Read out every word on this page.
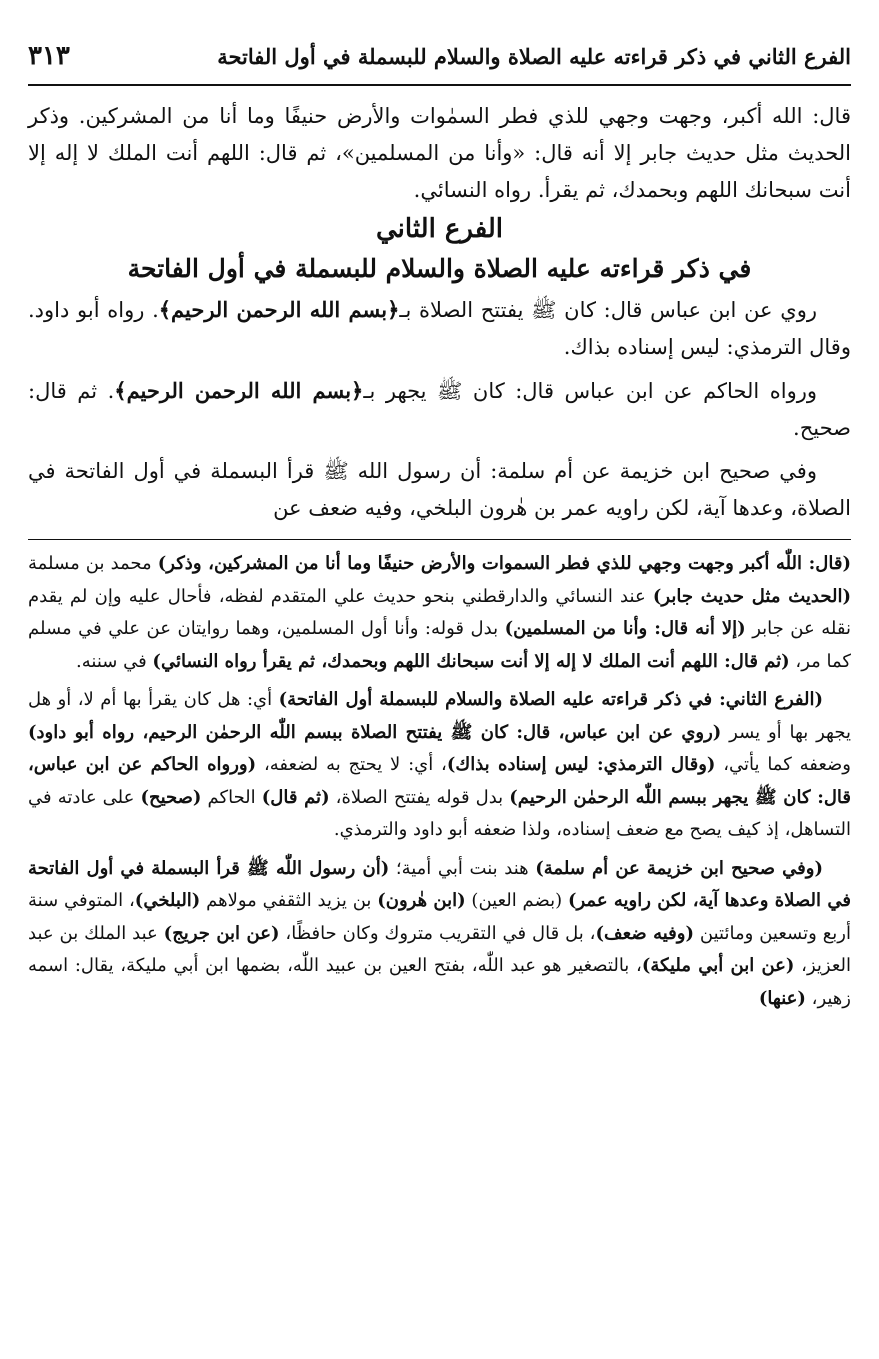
الفرع الثاني في ذكر قراءته عليه الصلاة والسلام للبسملة في أول الفاتحة
٣١٣

قال: الله أكبر، وجهت وجهي للذي فطر السمٰوات والأرض حنيفًا وما أنا من المشركين. وذكر الحديث مثل حديث جابر إلا أنه قال: «وأنا من المسلمين»، ثم قال: اللهم أنت الملك لا إله إلا أنت سبحانك اللهم وبحمدك، ثم يقرأ. رواه النسائي.

الفرع الثاني

في ذكر قراءته عليه الصلاة والسلام للبسملة في أول الفاتحة

روي عن ابن عباس قال: كان ﷺ يفتتح الصلاة بـ﴿بسم الله الرحمن الرحيم﴾. رواه أبو داود. وقال الترمذي: ليس إسناده بذاك.

ورواه الحاكم عن ابن عباس قال: كان ﷺ يجهر بـ﴿بسم الله الرحمن الرحيم﴾. ثم قال: صحيح.

وفي صحيح ابن خزيمة عن أم سلمة: أن رسول الله ﷺ قرأ البسملة في أول الفاتحة في الصلاة، وعدها آية، لكن راويه عمر بن هٰرون البلخي، وفيه ضعف عن

(قال: اللّٰه أكبر وجهت وجهي للذي فطر السموات والأرض حنيفًا وما أنا من المشركين، وذكر) محمد بن مسلمة (الحديث مثل حديث جابر) عند النسائي والدارقطني بنحو حديث علي المتقدم لفظه، فأحال عليه وإن لم يقدم نقله عن جابر (إلا أنه قال: وأنا من المسلمين) بدل قوله: وأنا أول المسلمين، وهما روايتان عن علي في مسلم كما مر، (ثم قال: اللهم أنت الملك لا إله إلا أنت سبحانك اللهم وبحمدك، ثم يقرأ رواه النسائي) في سننه.

(الفرع الثاني: في ذكر قراءته عليه الصلاة والسلام للبسملة أول الفاتحة) أي: هل كان يقرأ بها أم لا، أو هل يجهر بها أو يسر (روي عن ابن عباس، قال: كان ﷺ يفتتح الصلاة ببسم اللّٰه الرحمٰن الرحيم، رواه أبو داود) وضعفه كما يأتي، (وقال الترمذي: ليس إسناده بذاك)، أي: لا يحتج به لضعفه، (ورواه الحاكم عن ابن عباس، قال: كان ﷺ يجهر ببسم اللّٰه الرحمٰن الرحيم) بدل قوله يفتتح الصلاة، (ثم قال) الحاكم (صحيح) على عادته في التساهل، إذ كيف يصح مع ضعف إسناده، ولذا ضعفه أبو داود والترمذي.

(وفي صحيح ابن خزيمة عن أم سلمة) هند بنت أبي أمية؛ (أن رسول اللّٰه ﷺ قرأ البسملة في أول الفاتحة في الصلاة وعدها آية، لكن راويه عمر) (بضم العين) (ابن هٰرون) بن يزيد الثقفي مولاهم (البلخي)، المتوفي سنة أربع وتسعين ومائتين (وفيه ضعف)، بل قال في التقريب متروك وكان حافظًا، (عن ابن جريج) عبد الملك بن عبد العزيز، (عن ابن أبي مليكة)، بالتصغير هو عبد اللّٰه، بفتح العين بن عبيد اللّٰه، بضمها ابن أبي مليكة، يقال: اسمه زهير، (عنها)
